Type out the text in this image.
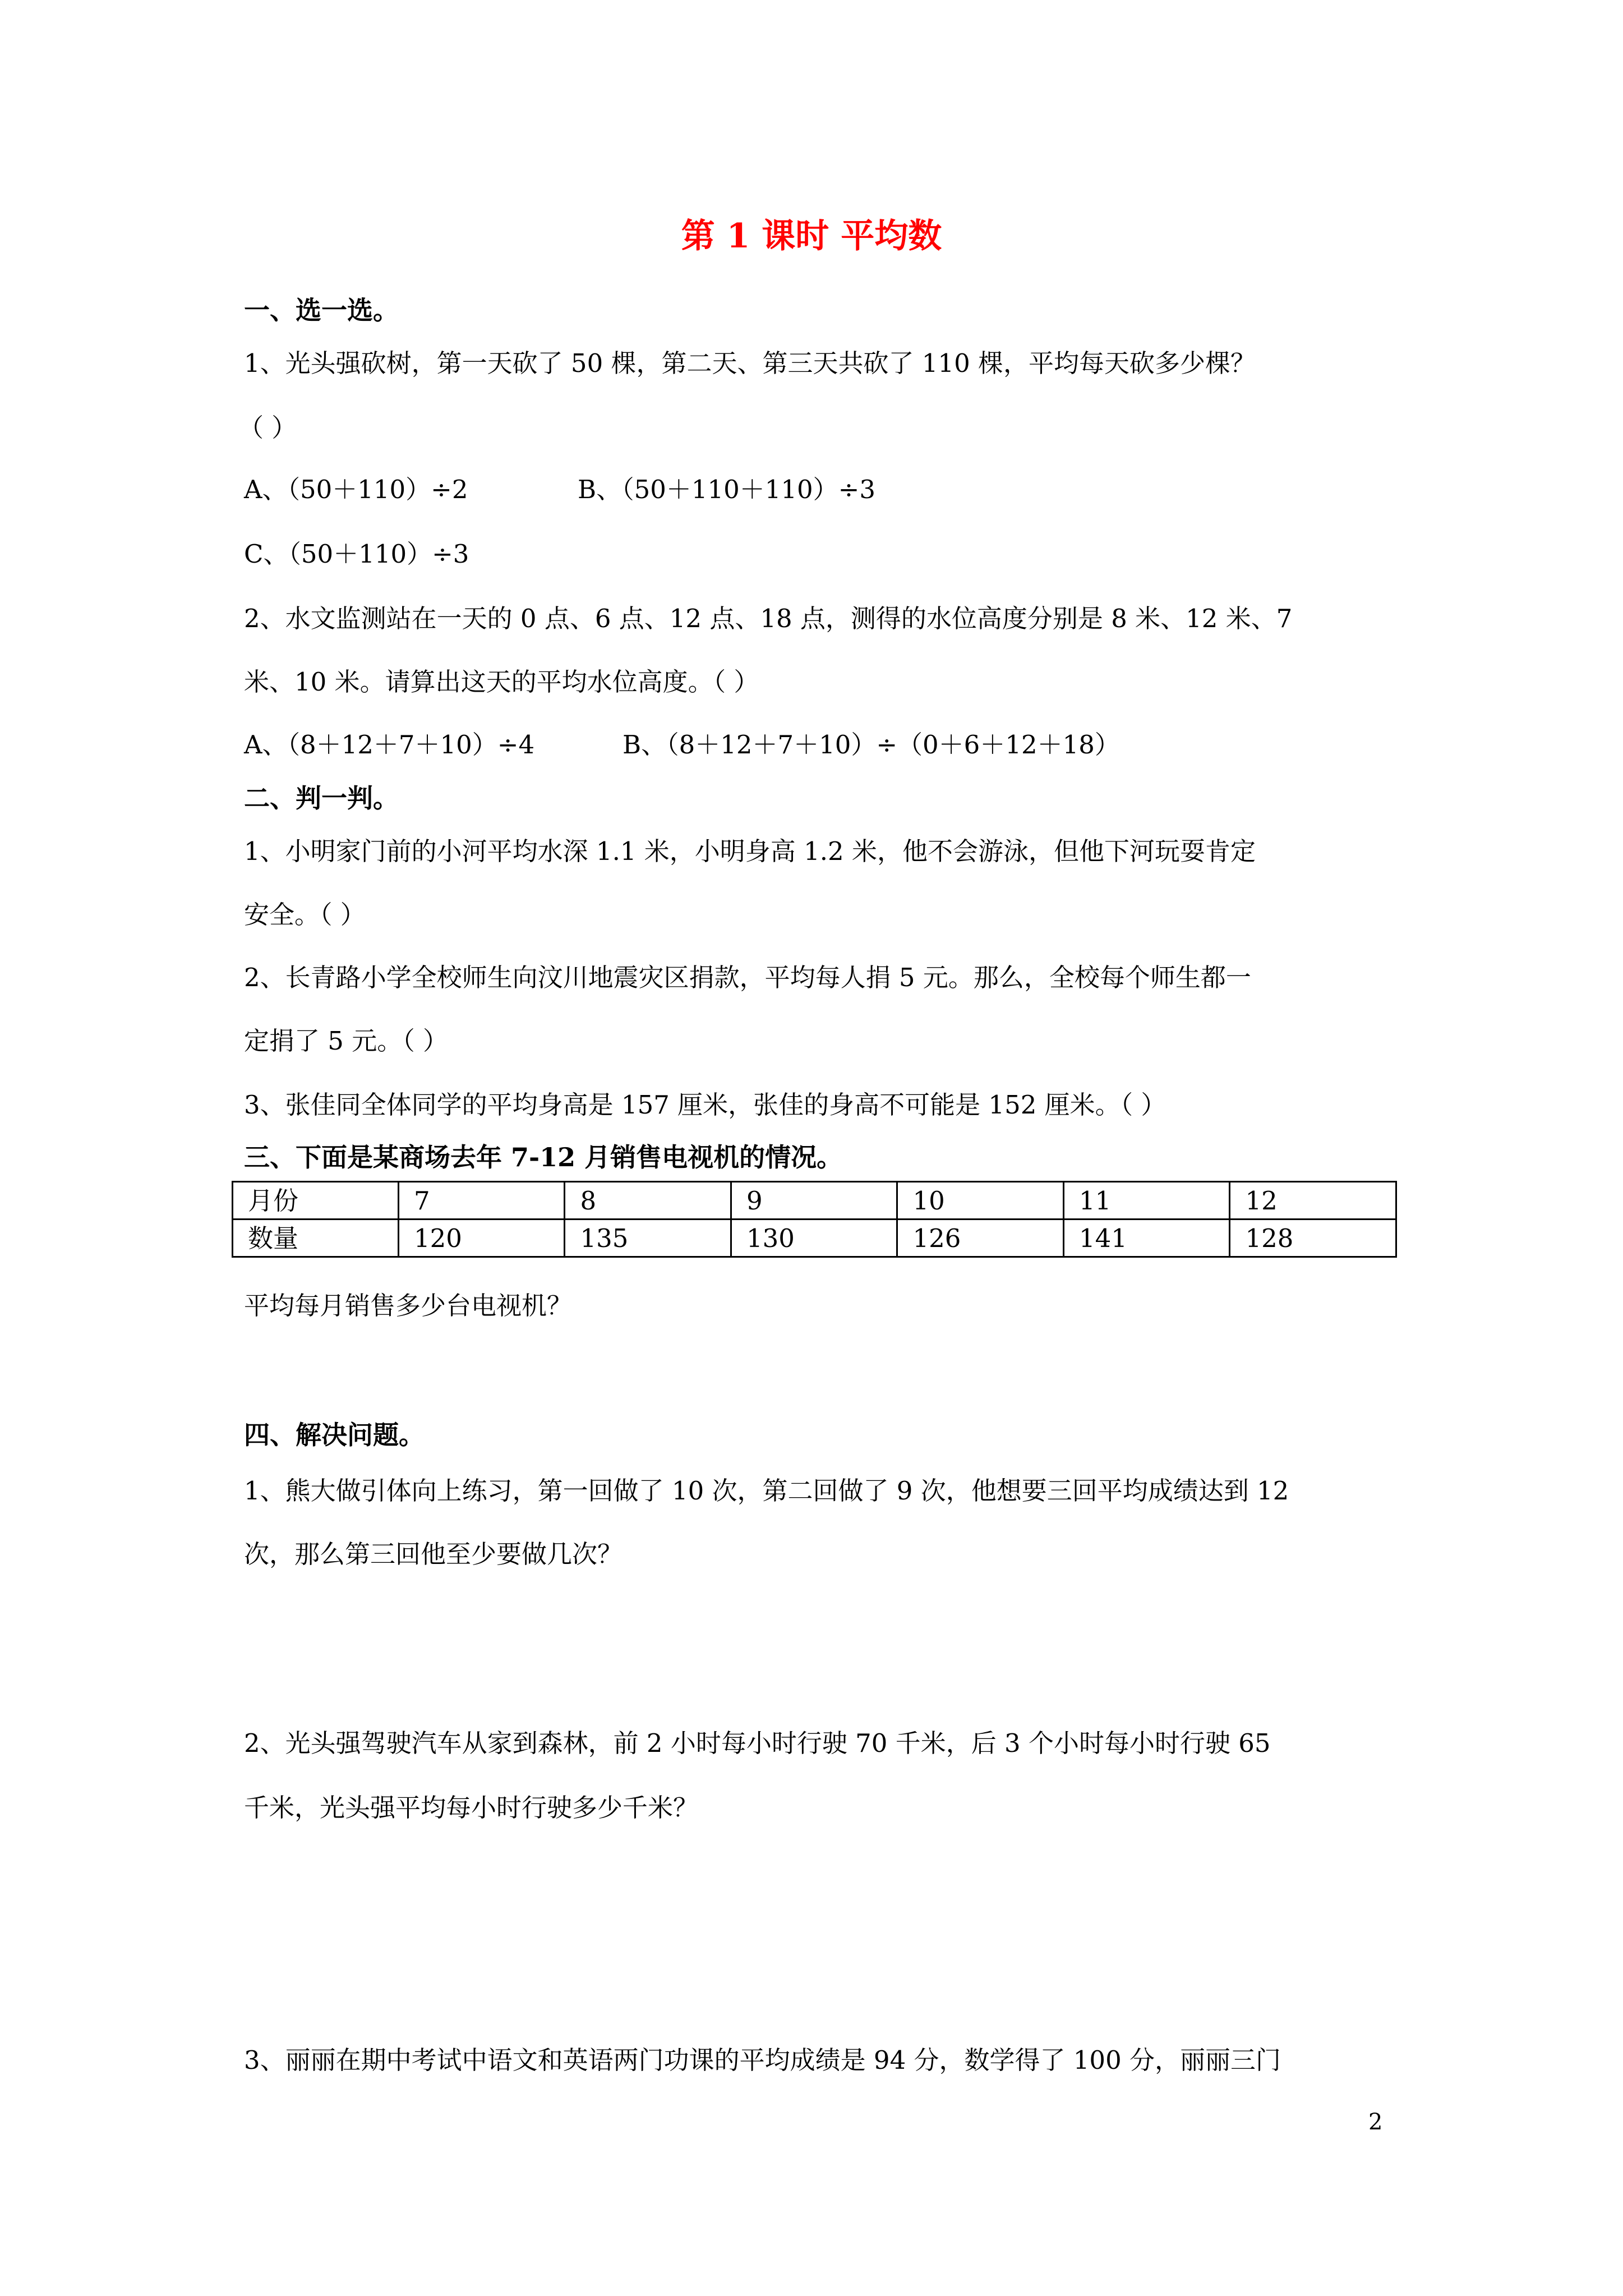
第 1 课时 平均数
一、选一选。
1、光头强砍树，第一天砍了 50 棵，第二天、第三天共砍了 110 棵，平均每天砍多少棵？
（ ）
A、（50＋110）÷2	B、（50＋110＋110）÷3
C、（50＋110）÷3
2、水文监测站在一天的 0 点、6 点、12 点、18 点，测得的水位高度分别是 8 米、12 米、7
米、10 米。请算出这天的平均水位高度。（ ）
A、（8＋12＋7＋10）÷4	B、（8＋12＋7＋10）÷（0＋6＋12＋18）
二、判一判。
1、小明家门前的小河平均水深 1.1 米，小明身高 1.2 米，他不会游泳，但他下河玩耍肯定
安全。（ ）
2、长青路小学全校师生向汶川地震灾区捐款，平均每人捐 5 元。那么，全校每个师生都一
定捐了 5 元。（ ）
3、张佳同全体同学的平均身高是 157 厘米，张佳的身高不可能是 152 厘米。（ ）
三、下面是某商场去年 7-12 月销售电视机的情况。
月份	7	8	9	10	11	12
数量	120	135	130	126	141	128
平均每月销售多少台电视机？
四、解决问题。
1、熊大做引体向上练习，第一回做了 10 次，第二回做了 9 次，他想要三回平均成绩达到 12
次，那么第三回他至少要做几次？
2、光头强驾驶汽车从家到森林，前 2 小时每小时行驶 70 千米，后 3 个小时每小时行驶 65
千米，光头强平均每小时行驶多少千米？
3、丽丽在期中考试中语文和英语两门功课的平均成绩是 94 分，数学得了 100 分，丽丽三门
2
